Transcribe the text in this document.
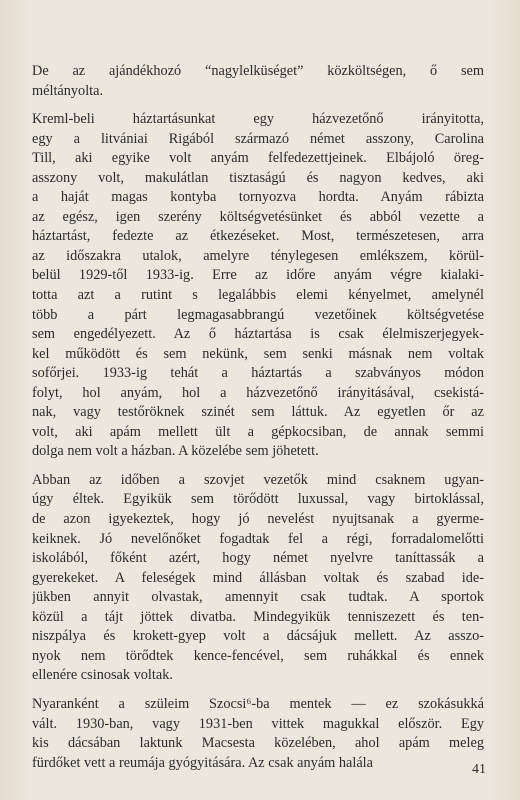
De az ajándékhozó “nagylelküséget” közköltségen, ő sem
méltányolta.
Kreml-beli háztartásunkat egy házvezetőnő irányitotta,
egy a litvániai Rigából származó német asszony, Carolina
Till, aki egyike volt anyám felfedezettjeinek. Elbájoló öreg-
asszony volt, makulátlan tisztaságú és nagyon kedves, aki
a haját magas kontyba tornyozva hordta. Anyám rábizta
az egész, igen szerény költségvetésünket és abból vezette a
háztartást, fedezte az étkezéseket. Most, természetesen, arra
az időszakra utalok, amelyre ténylegesen emlékszem, körül-
belül 1929-től 1933-ig. Erre az időre anyám végre kialaki-
totta azt a rutint s legalábbis elemi kényelmet, amelynél
több a párt legmagasabbrangú vezetőinek költségvetése
sem engedélyezett. Az ő háztartása is csak élelmiszerjegyek-
kel működött és sem nekünk, sem senki másnak nem voltak
sofőrjei. 1933-ig tehát a háztartás a szabványos módon
folyt, hol anyám, hol a házvezetőnő irányitásával, csekistá-
nak, vagy testőröknek szinét sem láttuk. Az egyetlen őr az
volt, aki apám mellett ült a gépkocsiban, de annak semmi
dolga nem volt a házban. A közelébe sem jöhetett.
Abban az időben a szovjet vezetők mind csaknem ugyan-
úgy éltek. Egyikük sem törődött luxussal, vagy birtoklással,
de azon igyekeztek, hogy jó nevelést nyujtsanak a gyerme-
keiknek. Jó nevelőnőket fogadtak fel a régi, forradalomelőtti
iskolából, főként azért, hogy német nyelvre taníttassák a
gyerekeket. A feleségek mind állásban voltak és szabad ide-
jükben annyit olvastak, amennyit csak tudtak. A sportok
közül a tájt jöttek divatba. Mindegyikük tenniszezett és ten-
niszpálya és krokett-gyep volt a dácsájuk mellett. Az asszo-
nyok nem törődtek kence-fencével, sem ruhákkal és ennek
ellenére csinosak voltak.
Nyaranként a szüleim Szocsi⁶-ba mentek — ez szokásukká
vált. 1930-ban, vagy 1931-ben vittek magukkal először. Egy
kis dácsában laktunk Macsesta közelében, ahol apám meleg
fürdőket vett a reumája gyógyitására. Az csak anyám halála	41
